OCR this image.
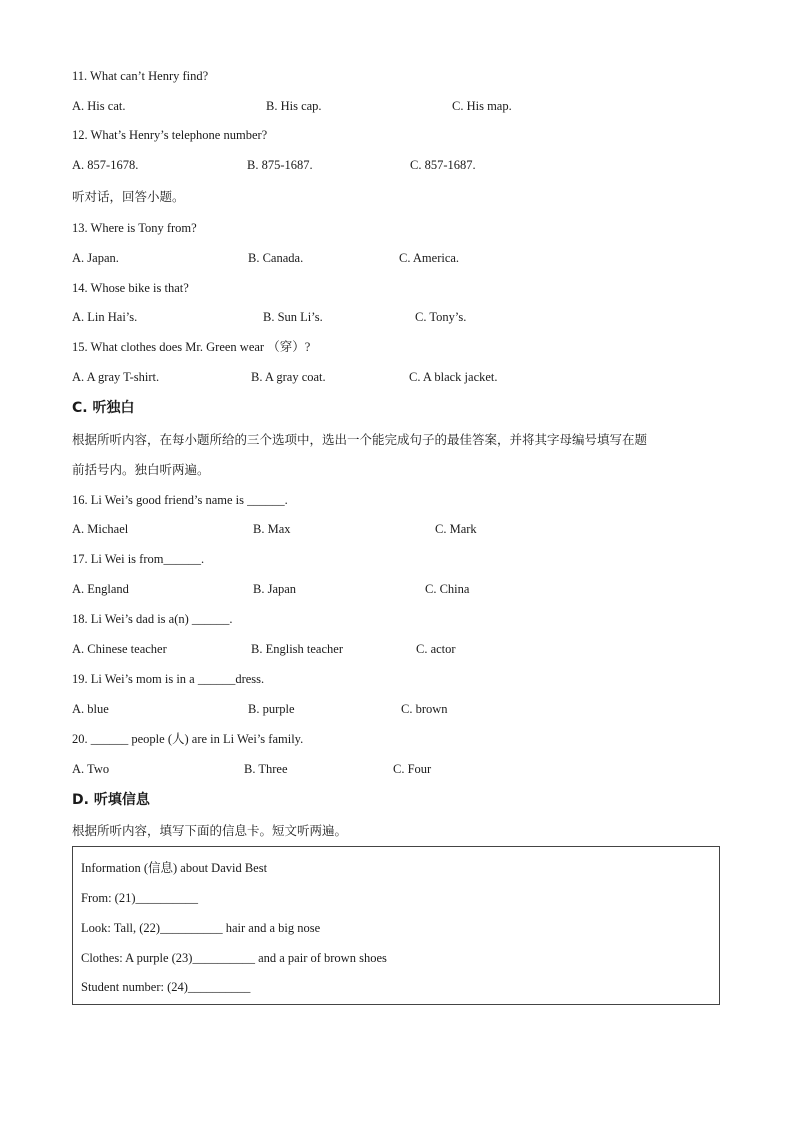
11. What can’t Henry find?
A. His cat.	B. His cap.	C. His map.
12. What’s Henry’s telephone number?
A. 857-1678.	B. 875-1687.	C. 857-1687.
听对话，回答小题。
13. Where is Tony from?
A. Japan.	B. Canada.	C. America.
14. Whose bike is that?
A. Lin Hai’s.	B. Sun Li’s.	C. Tony’s.
15. What clothes does Mr. Green wear （穿）?
A. A gray T-shirt.	B. A gray coat.	C. A black jacket.
C. 听独白
根据所听内容，在每小题所给的三个选项中，选出一个能完成句子的最佳答案，并将其字母编号填写在题
前括号内。独白听两遍。
16. Li Wei’s good friend’s name is ______.
A. Michael	B. Max	C. Mark
17. Li Wei is from______.
A. England	B. Japan	C. China
18. Li Wei’s dad is a(n) ______.
A. Chinese teacher	B. English teacher	C. actor
19. Li Wei’s mom is in a ______dress.
A. blue	B. purple	C. brown
20. ______ people (人) are in Li Wei’s family.
A. Two	B. Three	C. Four
D. 听填信息
根据所听内容，填写下面的信息卡。短文听两遍。
Information (信息) about David Best
From: (21)__________
Look: Tall, (22)__________ hair and a big nose
Clothes: A purple (23)__________ and a pair of brown shoes
Student number: (24)__________
